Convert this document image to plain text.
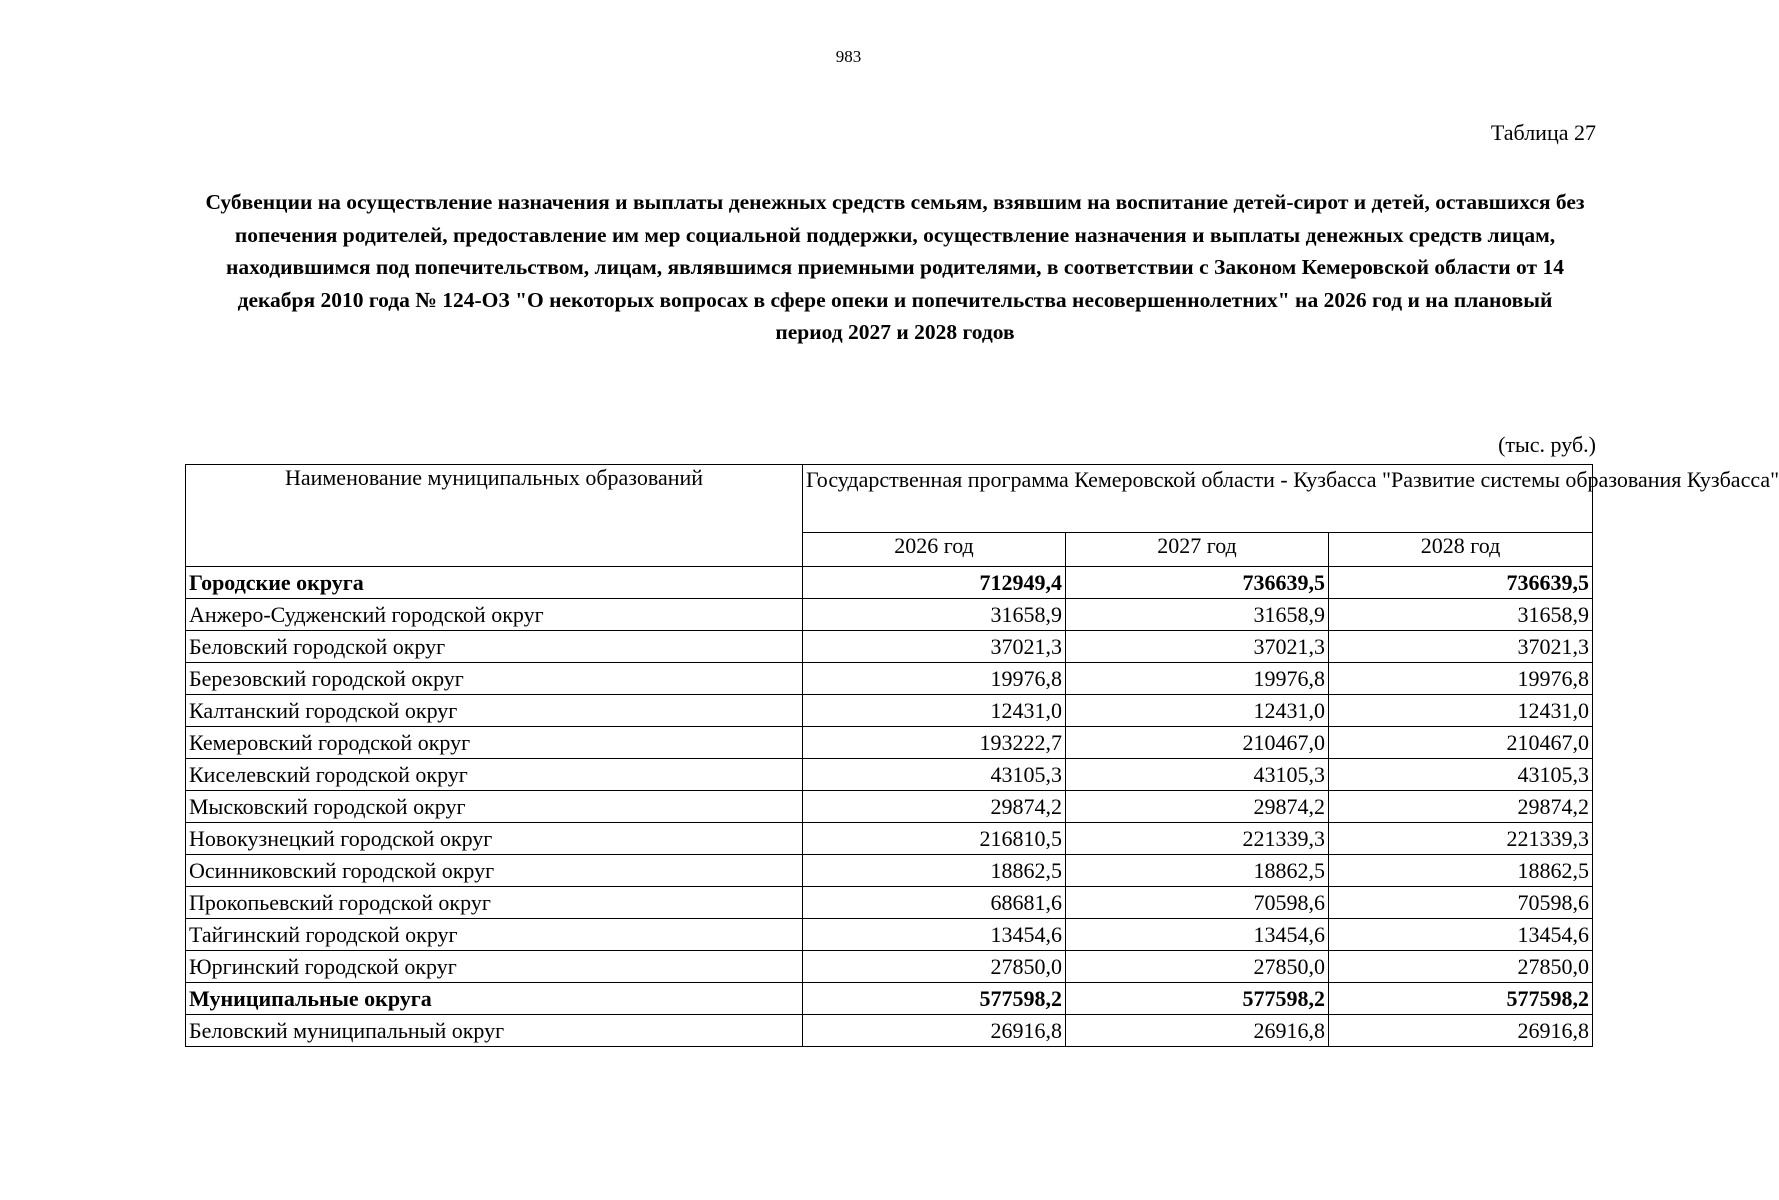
983
Таблица 27
Субвенции на осуществление назначения и выплаты денежных средств семьям, взявшим на воспитание детей-сирот и детей, оставшихся без попечения родителей, предоставление им мер социальной поддержки, осуществление назначения и выплаты денежных средств лицам, находившимся под попечительством, лицам, являвшимся приемными родителями, в соответствии с Законом Кемеровской области от 14 декабря 2010 года № 124-ОЗ "О некоторых вопросах в сфере опеки и попечительства несовершеннолетних" на 2026 год и на плановый период 2027 и 2028 годов
(тыс. руб.)
Наименование муниципальных образований	Государственная программа Кемеровской области - Кузбасса "Развитие системы образования Кузбасса"		
	2026 год	2027 год	2028 год
Городские округа	712949,4	736639,5	736639,5
Анжеро-Судженский городской округ	31658,9	31658,9	31658,9
Беловский городской округ	37021,3	37021,3	37021,3
Березовский городской округ	19976,8	19976,8	19976,8
Калтанский городской округ	12431,0	12431,0	12431,0
Кемеровский городской округ	193222,7	210467,0	210467,0
Киселевский городской округ	43105,3	43105,3	43105,3
Мысковский городской округ	29874,2	29874,2	29874,2
Новокузнецкий городской округ	216810,5	221339,3	221339,3
Осинниковский городской округ	18862,5	18862,5	18862,5
Прокопьевский городской округ	68681,6	70598,6	70598,6
Тайгинский городской округ	13454,6	13454,6	13454,6
Юргинский городской округ	27850,0	27850,0	27850,0
Муниципальные округа	577598,2	577598,2	577598,2
Беловский муниципальный округ	26916,8	26916,8	26916,8
